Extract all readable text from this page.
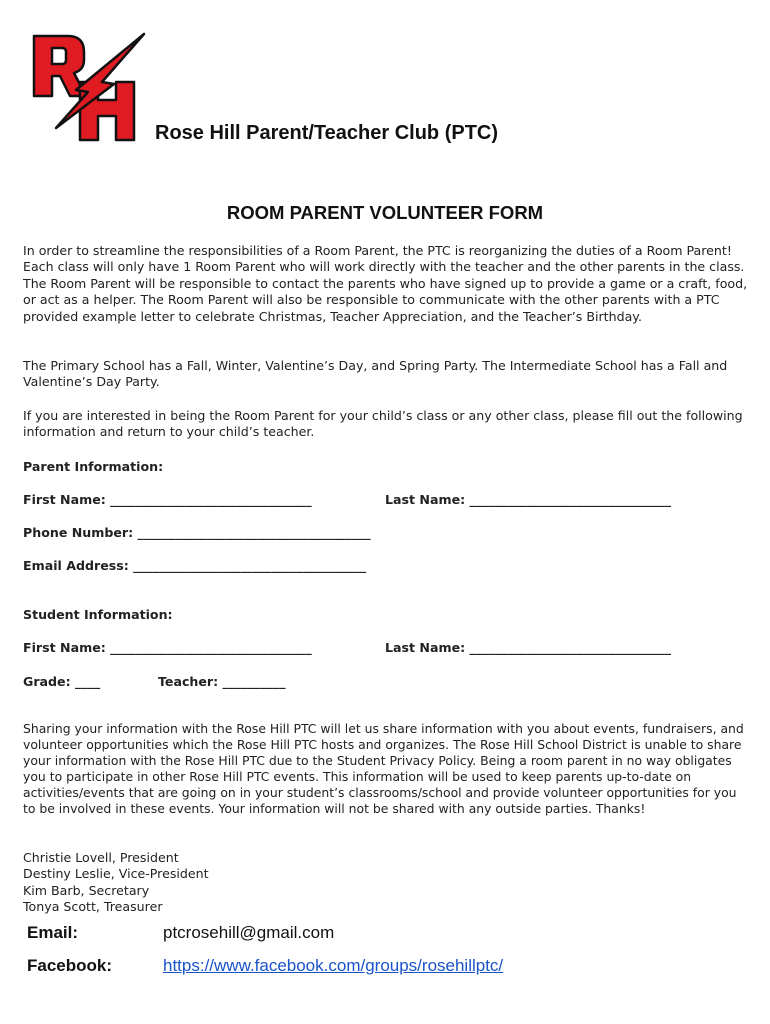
Rose Hill Parent/Teacher Club (PTC)
ROOM PARENT VOLUNTEER FORM
In order to streamline the responsibilities of a Room Parent, the PTC is reorganizing the duties of a Room Parent! Each class will only have 1 Room Parent who will work directly with the teacher and the other parents in the class. The Room Parent will be responsible to contact the parents who have signed up to provide a game or a craft, food, or act as a helper. The Room Parent will also be responsible to communicate with the other parents with a PTC provided example letter to celebrate Christmas, Teacher Appreciation, and the Teacher’s Birthday.
The Primary School has a Fall, Winter, Valentine’s Day, and Spring Party. The Intermediate School has a Fall and Valentine’s Day Party.
If you are interested in being the Room Parent for your child’s class or any other class, please fill out the following information and return to your child’s teacher.
Parent Information:
First Name: ________________________________	Last Name: ________________________________
Phone Number: _____________________________________
Email Address: _____________________________________
Student Information:
First Name: ________________________________	Last Name: ________________________________
Grade: ____	Teacher: __________
Sharing your information with the Rose Hill PTC will let us share information with you about events, fundraisers, and volunteer opportunities which the Rose Hill PTC hosts and organizes. The Rose Hill School District is unable to share your information with the Rose Hill PTC due to the Student Privacy Policy. Being a room parent in no way obligates you to participate in other Rose Hill PTC events. This information will be used to keep parents up-to-date on activities/events that are going on in your student’s classrooms/school and provide volunteer opportunities for you to be involved in these events. Your information will not be shared with any outside parties. Thanks!
Christie Lovell, President
Destiny Leslie, Vice-President
Kim Barb, Secretary
Tonya Scott, Treasurer
Email:	ptcrosehill@gmail.com
Facebook:	https://www.facebook.com/groups/rosehillptc/
